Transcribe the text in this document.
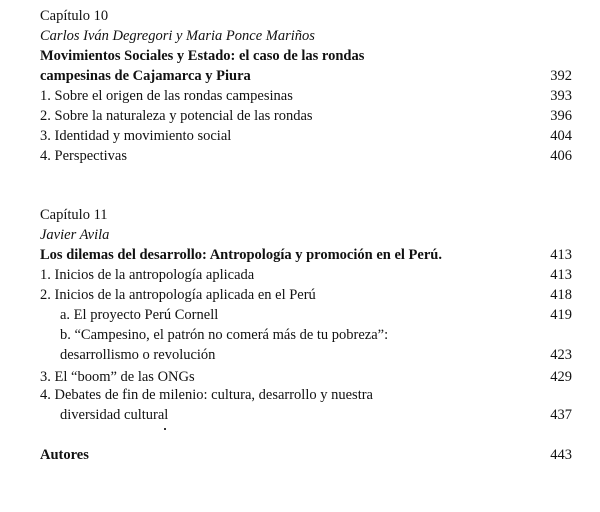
Capítulo 10
Carlos Iván Degregori y Maria Ponce Mariños
Movimientos Sociales y Estado: el caso de las rondas
campesinas de Cajamarca y Piura	392
1. Sobre el origen de las rondas campesinas	393
2. Sobre la naturaleza y potencial de las rondas	396
3. Identidad y movimiento social	404
4. Perspectivas	406
Capítulo 11
Javier Avila
Los dilemas del desarrollo: Antropología y promoción en el Perú.	413
1. Inicios de la antropología aplicada	413
2. Inicios de la antropología aplicada en el Perú	418
a. El proyecto Perú Cornell	419
b. “Campesino, el patrón no comerá más de tu pobreza”:
desarrollismo o revolución	423
3. El “boom” de las ONGs	429
4. Debates de fin de milenio: cultura, desarrollo y nuestra
diversidad cultural	437
Autores	443
